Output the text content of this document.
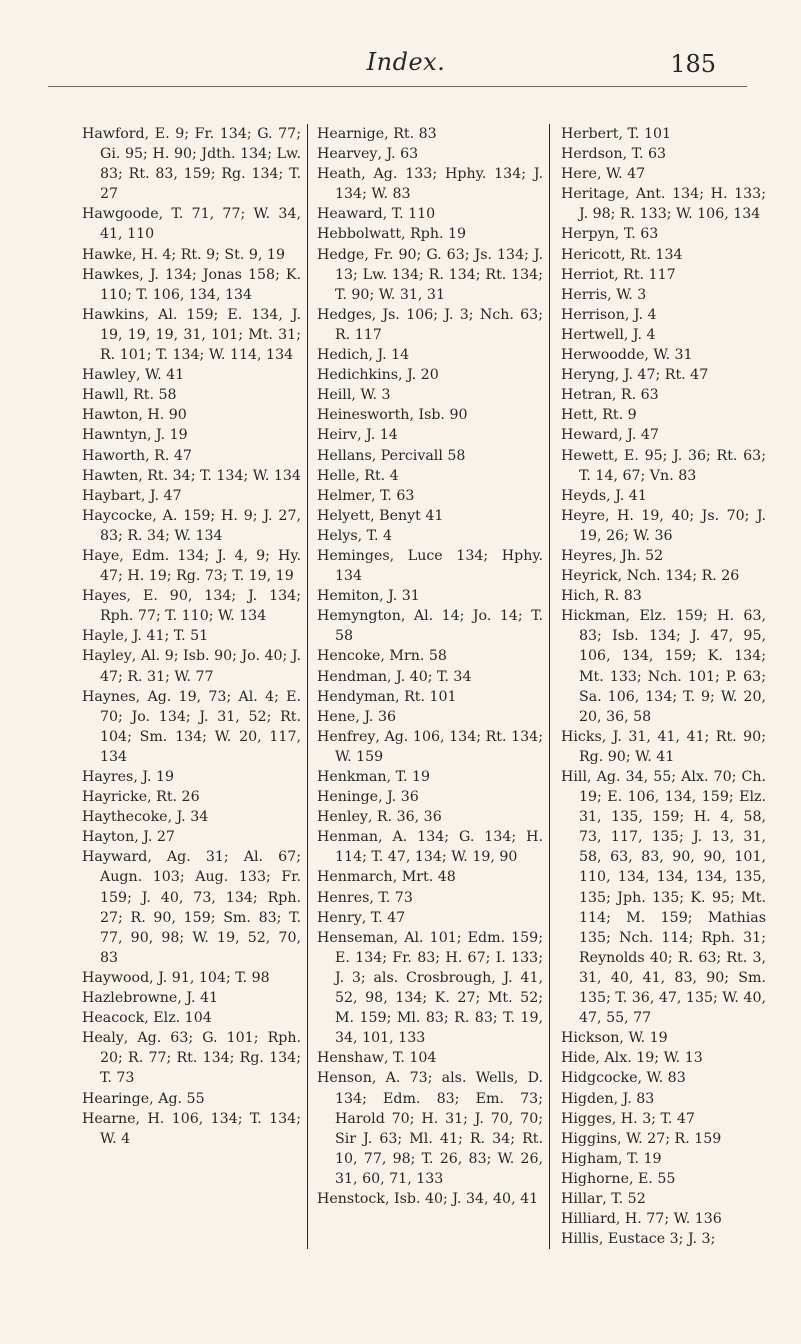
Index.	185
Hawford, E. 9; Fr. 134; G. 77; Gi. 95; H. 90; Jdth. 134; Lw. 83; Rt. 83, 159; Rg. 134; T. 27
Hawgoode, T. 71, 77; W. 34, 41, 110
Hawke, H. 4; Rt. 9; St. 9, 19
Hawkes, J. 134; Jonas 158; K. 110; T. 106, 134, 134
Hawkins, Al. 159; E. 134, J. 19, 19, 19, 31, 101; Mt. 31; R. 101; T. 134; W. 114, 134
Hawley, W. 41
Hawll, Rt. 58
Hawton, H. 90
Hawntyn, J. 19
Haworth, R. 47
Hawten, Rt. 34; T. 134; W. 134
Haybart, J. 47
Haycocke, A. 159; H. 9; J. 27, 83; R. 34; W. 134
Haye, Edm. 134; J. 4, 9; Hy. 47; H. 19; Rg. 73; T. 19, 19
Hayes, E. 90, 134; J. 134; Rph. 77; T. 110; W. 134
Hayle, J. 41; T. 51
Hayley, Al. 9; Isb. 90; Jo. 40; J. 47; R. 31; W. 77
Haynes, Ag. 19, 73; Al. 4; E. 70; Jo. 134; J. 31, 52; Rt. 104; Sm. 134; W. 20, 117, 134
Hayres, J. 19
Hayricke, Rt. 26
Haythecoke, J. 34
Hayton, J. 27
Hayward, Ag. 31; Al. 67; Augn. 103; Aug. 133; Fr. 159; J. 40, 73, 134; Rph. 27; R. 90, 159; Sm. 83; T. 77, 90, 98; W. 19, 52, 70, 83
Haywood, J. 91, 104; T. 98
Hazlebrowne, J. 41
Heacock, Elz. 104
Healy, Ag. 63; G. 101; Rph. 20; R. 77; Rt. 134; Rg. 134; T. 73
Hearinge, Ag. 55
Hearne, H. 106, 134; T. 134; W. 4
Hearnige, Rt. 83
Hearvey, J. 63
Heath, Ag. 133; Hphy. 134; J. 134; W. 83
Heaward, T. 110
Hebbolwatt, Rph. 19
Hedge, Fr. 90; G. 63; Js. 134; J. 13; Lw. 134; R. 134; Rt. 134; T. 90; W. 31, 31
Hedges, Js. 106; J. 3; Nch. 63; R. 117
Hedich, J. 14
Hedichkins, J. 20
Heill, W. 3
Heinesworth, Isb. 90
Heirv, J. 14
Hellans, Percivall 58
Helle, Rt. 4
Helmer, T. 63
Helyett, Benyt 41
Helys, T. 4
Heminges, Luce 134; Hphy. 134
Hemiton, J. 31
Hemyngton, Al. 14; Jo. 14; T. 58
Hencoke, Mrn. 58
Hendman, J. 40; T. 34
Hendyman, Rt. 101
Hene, J. 36
Henfrey, Ag. 106, 134; Rt. 134; W. 159
Henkman, T. 19
Heninge, J. 36
Henley, R. 36, 36
Henman, A. 134; G. 134; H. 114; T. 47, 134; W. 19, 90
Henmarch, Mrt. 48
Henres, T. 73
Henry, T. 47
Henseman, Al. 101; Edm. 159; E. 134; Fr. 83; H. 67; I. 133; J. 3; als. Crosbrough, J. 41, 52, 98, 134; K. 27; Mt. 52; M. 159; Ml. 83; R. 83; T. 19, 34, 101, 133
Henshaw, T. 104
Henson, A. 73; als. Wells, D. 134; Edm. 83; Em. 73; Harold 70; H. 31; J. 70, 70; Sir J. 63; Ml. 41; R. 34; Rt. 10, 77, 98; T. 26, 83; W. 26, 31, 60, 71, 133
Henstock, Isb. 40; J. 34, 40, 41
Herbert, T. 101
Herdson, T. 63
Here, W. 47
Heritage, Ant. 134; H. 133; J. 98; R. 133; W. 106, 134
Herpyn, T. 63
Hericott, Rt. 134
Herriot, Rt. 117
Herris, W. 3
Herrison, J. 4
Hertwell, J. 4
Herwoodde, W. 31
Heryng, J. 47; Rt. 47
Hetran, R. 63
Hett, Rt. 9
Heward, J. 47
Hewett, E. 95; J. 36; Rt. 63; T. 14, 67; Vn. 83
Heyds, J. 41
Heyre, H. 19, 40; Js. 70; J. 19, 26; W. 36
Heyres, Jh. 52
Heyrick, Nch. 134; R. 26
Hich, R. 83
Hickman, Elz. 159; H. 63, 83; Isb. 134; J. 47, 95, 106, 134, 159; K. 134; Mt. 133; Nch. 101; P. 63; Sa. 106, 134; T. 9; W. 20, 20, 36, 58
Hicks, J. 31, 41, 41; Rt. 90; Rg. 90; W. 41
Hill, Ag. 34, 55; Alx. 70; Ch. 19; E. 106, 134, 159; Elz. 31, 135, 159; H. 4, 58, 73, 117, 135; J. 13, 31, 58, 63, 83, 90, 90, 101, 110, 134, 134, 134, 135, 135; Jph. 135; K. 95; Mt. 114; M. 159; Mathias 135; Nch. 114; Rph. 31; Reynolds 40; R. 63; Rt. 3, 31, 40, 41, 83, 90; Sm. 135; T. 36, 47, 135; W. 40, 47, 55, 77
Hickson, W. 19
Hide, Alx. 19; W. 13
Hidgcocke, W. 83
Higden, J. 83
Higges, H. 3; T. 47
Higgins, W. 27; R. 159
Higham, T. 19
Highorne, E. 55
Hillar, T. 52
Hilliard, H. 77; W. 136
Hillis, Eustace 3; J. 3;
